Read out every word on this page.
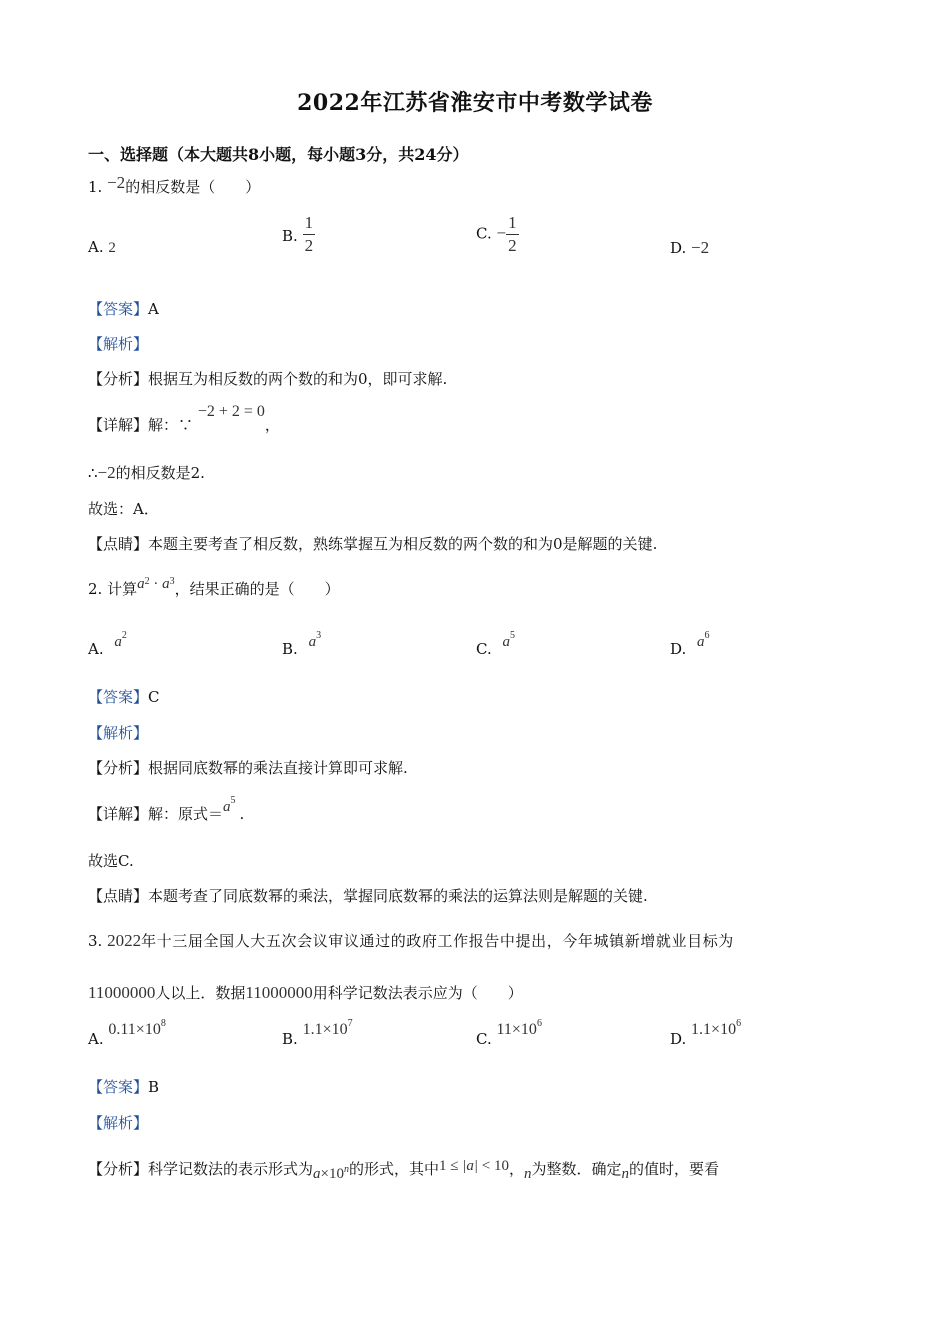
2022年江苏省淮安市中考数学试卷
一、选择题（本大题共8小题，每小题3分，共24分）
1. −2的相反数是（　　）
A. 2
B. $\frac{1}{2}$	C. − $\frac{1}{2}$	D. −2
【答案】A
【解析】
【分析】根据互为相反数的两个数的和为0，即可求解.
【详解】解：∵ −2 + 2 = 0，
∴−2的相反数是2.
故选：A．
【点睛】本题主要考查了相反数，熟练掌握互为相反数的两个数的和为0是解题的关键.
2. 计算$a^2 \cdot a^3$，结果正确的是（　　）
A. $a^2$
B. $a^3$
C. $a^5$
D. $a^6$
【答案】C
【解析】
【分析】根据同底数幂的乘法直接计算即可求解.
【详解】解：原式$=a^5$.
故选C.
【点睛】本题考查了同底数幂的乘法，掌握同底数幂的乘法的运算法则是解题的关键.
3. 2022年十三届全国人大五次会议审议通过的政府工作报告中提出，今年城镇新增就业目标为
11000000人以上．数据11000000用科学记数法表示应为（　　）
A. $0.11\times 10^8$
B. $1.1\times 10^7$
C. $11\times 10^6$
D. $1.1\times 10^6$
【答案】B
【解析】
【分析】科学记数法的表示形式为a×10n的形式，其中1 ≤ |a| < 10，n为整数．确定n的值时，要看
